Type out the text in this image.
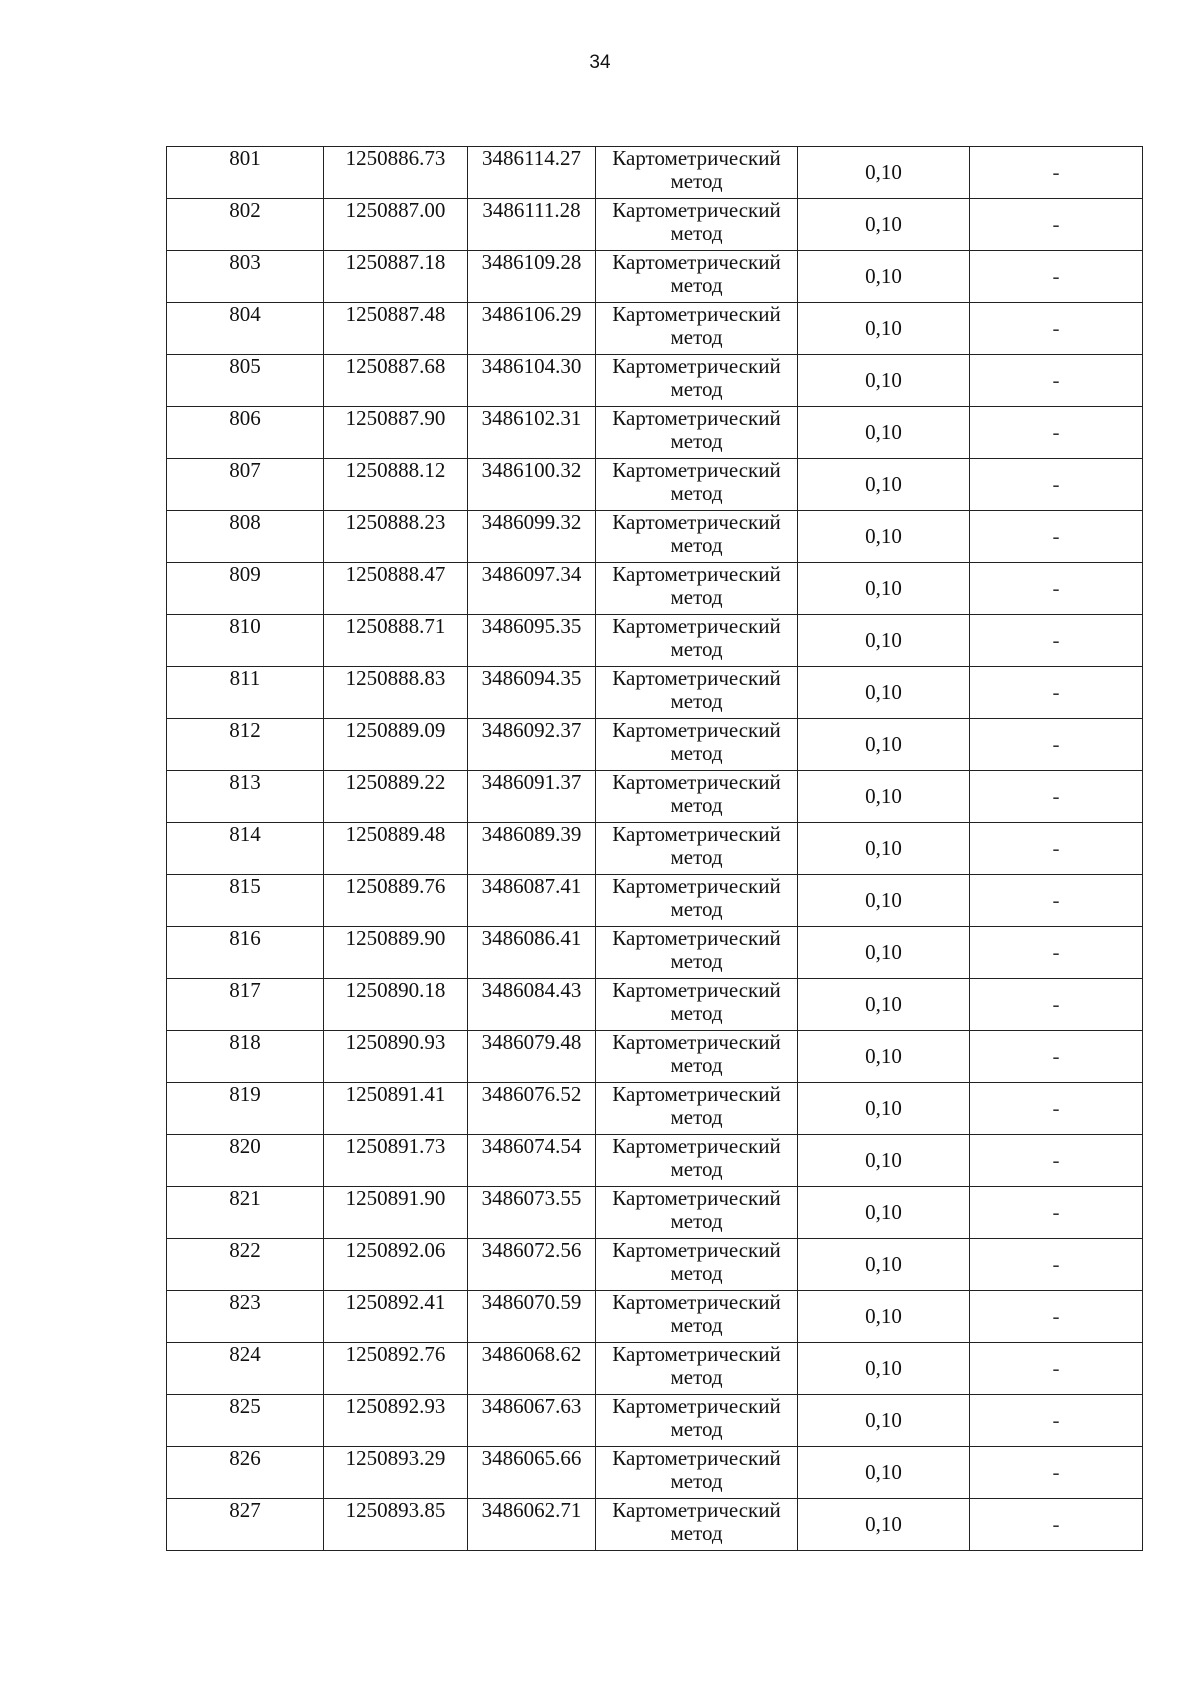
34
801	1250886.73	3486114.27	Картометрический
метод	0,10	-
802	1250887.00	3486111.28	Картометрический
метод	0,10	-
803	1250887.18	3486109.28	Картометрический
метод	0,10	-
804	1250887.48	3486106.29	Картометрический
метод	0,10	-
805	1250887.68	3486104.30	Картометрический
метод	0,10	-
806	1250887.90	3486102.31	Картометрический
метод	0,10	-
807	1250888.12	3486100.32	Картометрический
метод	0,10	-
808	1250888.23	3486099.32	Картометрический
метод	0,10	-
809	1250888.47	3486097.34	Картометрический
метод	0,10	-
810	1250888.71	3486095.35	Картометрический
метод	0,10	-
811	1250888.83	3486094.35	Картометрический
метод	0,10	-
812	1250889.09	3486092.37	Картометрический
метод	0,10	-
813	1250889.22	3486091.37	Картометрический
метод	0,10	-
814	1250889.48	3486089.39	Картометрический
метод	0,10	-
815	1250889.76	3486087.41	Картометрический
метод	0,10	-
816	1250889.90	3486086.41	Картометрический
метод	0,10	-
817	1250890.18	3486084.43	Картометрический
метод	0,10	-
818	1250890.93	3486079.48	Картометрический
метод	0,10	-
819	1250891.41	3486076.52	Картометрический
метод	0,10	-
820	1250891.73	3486074.54	Картометрический
метод	0,10	-
821	1250891.90	3486073.55	Картометрический
метод	0,10	-
822	1250892.06	3486072.56	Картометрический
метод	0,10	-
823	1250892.41	3486070.59	Картометрический
метод	0,10	-
824	1250892.76	3486068.62	Картометрический
метод	0,10	-
825	1250892.93	3486067.63	Картометрический
метод	0,10	-
826	1250893.29	3486065.66	Картометрический
метод	0,10	-
827	1250893.85	3486062.71	Картометрический
метод	0,10	-
